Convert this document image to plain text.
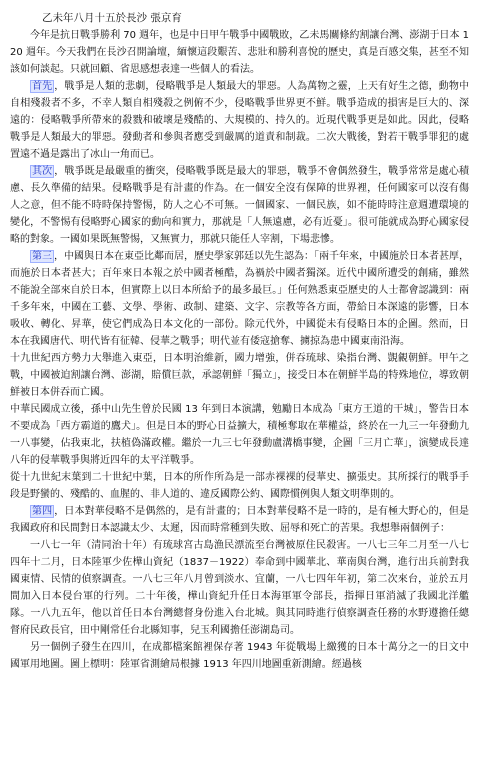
乙未年八月十五於長沙 張京育

今年是抗日戰爭勝利 70 週年，也是中日甲午戰爭中國戰敗，乙未馬關條約割讓台灣、澎湖于日本 120 週年。今天我們在長沙召開論壇，緬懷這段艱苦、悲壯和勝利喜悅的歷史，真是百感交集，甚至不知該如何談起。只就回顧、省思感想表達一些個人的看法。

首先 ，戰爭是人類的悲劇，侵略戰爭是人類最大的罪惡。人為萬物之靈，上天有好生之德，動物中自相殘殺者不多，不幸人類自相殘殺之例俯不少，侵略戰爭世界更不鮮。戰爭造成的損害是巨大的、深遠的：侵略戰爭所帶來的殺戮和破壞是殘酷的、大規模的、持久的。近現代戰爭更是如此。因此，侵略戰爭是人類最大的罪惡。發動者和參與者應受到嚴厲的道責和制裁。二次大戰後，對若干戰爭罪犯的處置遠不過是露出了冰山一角而已。

其次 ，戰爭既是最嚴重的衝突，侵略戰爭既是最大的罪惡，戰爭不會偶然發生，戰爭常常是處心積慮、長久準備的結果。侵略戰爭是有計畫的作為。在一個安全沒有保障的世界裡，任何國家可以沒有傷人之意，但不能不時時保持警惕，防人之心不可無。一個國家、一個民族，如不能時時注意週遭環境的變化，不警惕有侵略野心國家的動向和實力，那就是「人無遠慮，必有近憂」。很可能就成為野心國家侵略的對象。一國如果既無警惕，又無實力，那就只能任人宰割，下場悲慘。

第三 ，中國與日本在東亞比鄰而居，歷史學家郭廷以先生認為：「兩千年來，中國施於日本者甚厚，而施於日本者甚大；百年來日本報之於中國者極酷，為禍於中國者獨深。近代中國所遭受的創痛，雖然不能說全部來自於日本，但實際上以日本所給予的最多最巨。」任何熟悉東亞歷史的人士都會認識到：兩千多年來，中國在工藝、文學、學術、政制、建築、文字、宗教等各方面，帶給日本深遠的影響，日本吸收、轉化、昇華，使它們成為日本文化的一部份。除元代外，中國從未有侵略日本的企圖。然而，日本在我國唐代、明代皆有征韓、侵華之戰爭；明代並有倭寇搶奪、擄掠為患中國東南沿海。

十九世紀西方勢力大舉進入東亞，日本明治維新，國力增強，併吞琉球、染指台灣、覬覦朝鮮。甲午之戰，中國被迫割讓台灣、澎湖，賠償巨款，承認朝鮮「獨立」，接受日本在朝鮮半島的特殊地位，導致朝鮮被日本併吞而亡國。

中華民國成立後，孫中山先生曾於民國 13 年到日本演講，勉勵日本成為「東方王道的干城」，警告日本不要成為「西方霸道的鷹犬」。但是日本的野心日益擴大，積極奪取在華權益，終於在一九三一年發動九一八事變，佔我東北，扶植偽滿政權。繼於一九三七年發動盧溝橋事變，企圖「三月亡華」，演變成長達八年的侵華戰爭與將近四年的太平洋戰爭。

從十九世紀末葉到二十世紀中葉，日本的所作所為是一部赤裸裸的侵華史、擴張史。其所採行的戰爭手段是野蠻的、殘酷的、血腥的、非人道的、違反國際公約、國際慣例與人類文明準則的。

第四 ，日本對華侵略不是偶然的，是有計畫的；日本對華侵略不是一時的，是有極大野心的，但是我國政府和民間對日本認識太少、太遲，因而時常種到失敗、屈辱和死亡的苦果。我想舉兩個例子：

一八七一年（清同治十年）有琉球宮古島漁民漂流至台灣被原住民殺害。一八七三年二月至一八七四年十二月，日本陸軍少佐樺山資紀（1837－1922）奉命到中國華北、華南與台灣，進行出兵前對我國東情、民情的偵察調查。一八七三年八月曾到淡水、宜蘭，一八七四年年初，第二次來台，並於五月間加入日本侵台軍的行列。二十年後，樺山資紀升任日本海軍軍令部長，指揮日軍消滅了我國北洋艦隊。一八九五年，他以首任日本台灣總督身份進入台北城。與其同時進行偵察調查任務的水野遵擔任總督府民政長官，田中剛常任台北縣知事，兒玉利國擔任澎湖島司。

另一個例子發生在四川，在成都檔案館裡保存著 1943 年從戰場上繳獲的日本十萬分之一的日文中國軍用地圖。圖上標明：陸軍省測繪局根據 1913 年四川地圖重新測繪。經過核
